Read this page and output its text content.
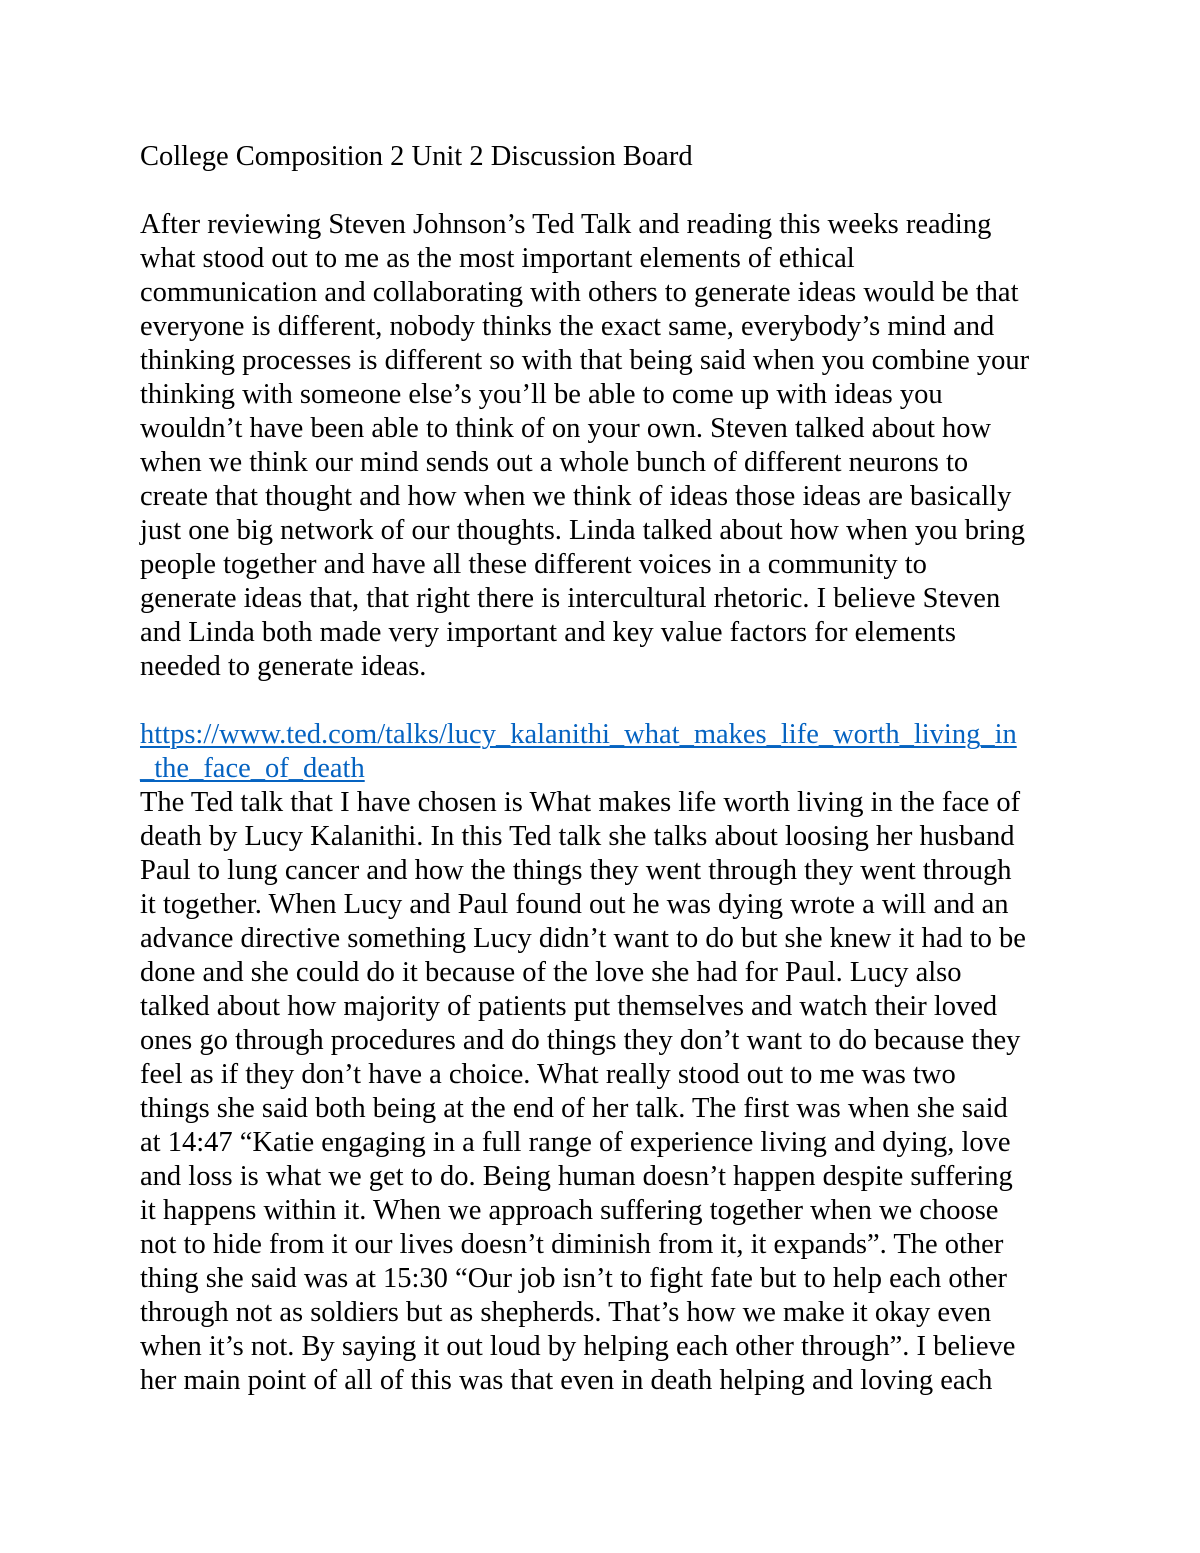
College Composition 2 Unit 2 Discussion Board

After reviewing Steven Johnson’s Ted Talk and reading this weeks reading
what stood out to me as the most important elements of ethical
communication and collaborating with others to generate ideas would be that
everyone is different, nobody thinks the exact same, everybody’s mind and
thinking processes is different so with that being said when you combine your
thinking with someone else’s you’ll be able to come up with ideas you
wouldn’t have been able to think of on your own. Steven talked about how
when we think our mind sends out a whole bunch of different neurons to
create that thought and how when we think of ideas those ideas are basically
just one big network of our thoughts. Linda talked about how when you bring
people together and have all these different voices in a community to
generate ideas that, that right there is intercultural rhetoric. I believe Steven
and Linda both made very important and key value factors for elements
needed to generate ideas.

https://www.ted.com/talks/lucy_kalanithi_what_makes_life_worth_living_in
_the_face_of_death

The Ted talk that I have chosen is What makes life worth living in the face of
death by Lucy Kalanithi. In this Ted talk she talks about loosing her husband
Paul to lung cancer and how the things they went through they went through
it together. When Lucy and Paul found out he was dying wrote a will and an
advance directive something Lucy didn’t want to do but she knew it had to be
done and she could do it because of the love she had for Paul. Lucy also
talked about how majority of patients put themselves and watch their loved
ones go through procedures and do things they don’t want to do because they
feel as if they don’t have a choice. What really stood out to me was two
things she said both being at the end of her talk. The first was when she said
at 14:47 “Katie engaging in a full range of experience living and dying, love
and loss is what we get to do. Being human doesn’t happen despite suffering
it happens within it. When we approach suffering together when we choose
not to hide from it our lives doesn’t diminish from it, it expands”. The other
thing she said was at 15:30 “Our job isn’t to fight fate but to help each other
through not as soldiers but as shepherds. That’s how we make it okay even
when it’s not. By saying it out loud by helping each other through”. I believe
her main point of all of this was that even in death helping and loving each
